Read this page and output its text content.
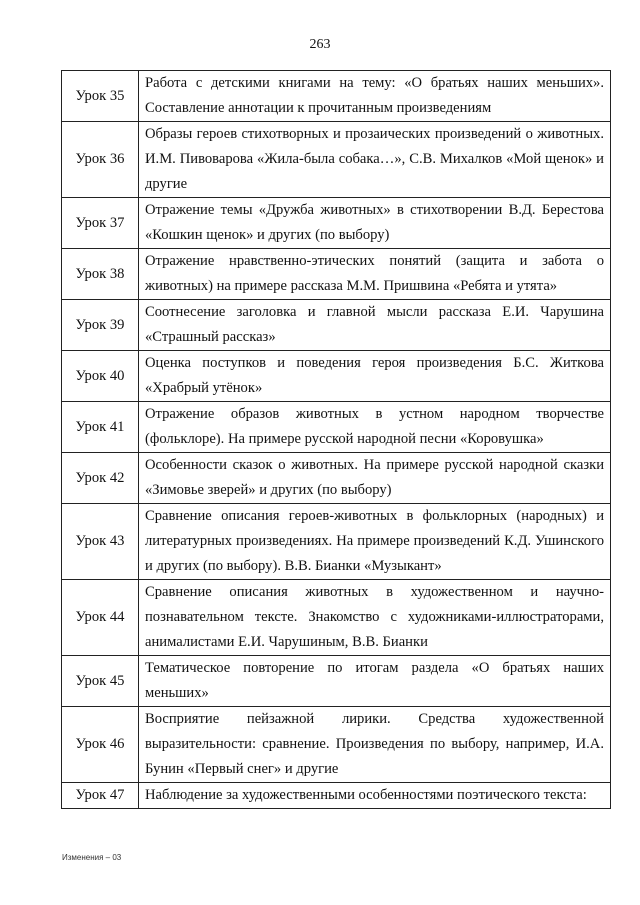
263
Урок 35	Работа с детскими книгами на тему: «О братьях наших меньших». Составление аннотации к прочитанным произведениям
Урок 36	Образы героев стихотворных и прозаических произведений о животных. И.М. Пивоварова «Жила-была собака…», С.В. Михалков «Мой щенок» и другие
Урок 37	Отражение темы «Дружба животных» в стихотворении В.Д. Берестова «Кошкин щенок» и других (по выбору)
Урок 38	Отражение нравственно-этических понятий (защита и забота о животных) на примере рассказа М.М. Пришвина «Ребята и утята»
Урок 39	Соотнесение заголовка и главной мысли рассказа Е.И. Чарушина «Страшный рассказ»
Урок 40	Оценка поступков и поведения героя произведения Б.С. Житкова «Храбрый утёнок»
Урок 41	Отражение образов животных в устном народном творчестве (фольклоре). На примере русской народной песни «Коровушка»
Урок 42	Особенности сказок о животных. На примере русской народной сказки «Зимовье зверей» и других (по выбору)
Урок 43	Сравнение описания героев-животных в фольклорных (народных) и литературных произведениях. На примере произведений К.Д. Ушинского и других (по выбору). В.В. Бианки «Музыкант»
Урок 44	Сравнение описания животных в художественном и научно-познавательном тексте. Знакомство с художниками-иллюстраторами, анималистами Е.И. Чарушиным, В.В. Бианки
Урок 45	Тематическое повторение по итогам раздела «О братьях наших меньших»
Урок 46	Восприятие пейзажной лирики. Средства художественной выразительности: сравнение. Произведения по выбору, например, И.А. Бунин «Первый снег» и другие
Урок 47	Наблюдение за художественными особенностями поэтического текста:
Изменения – 03
